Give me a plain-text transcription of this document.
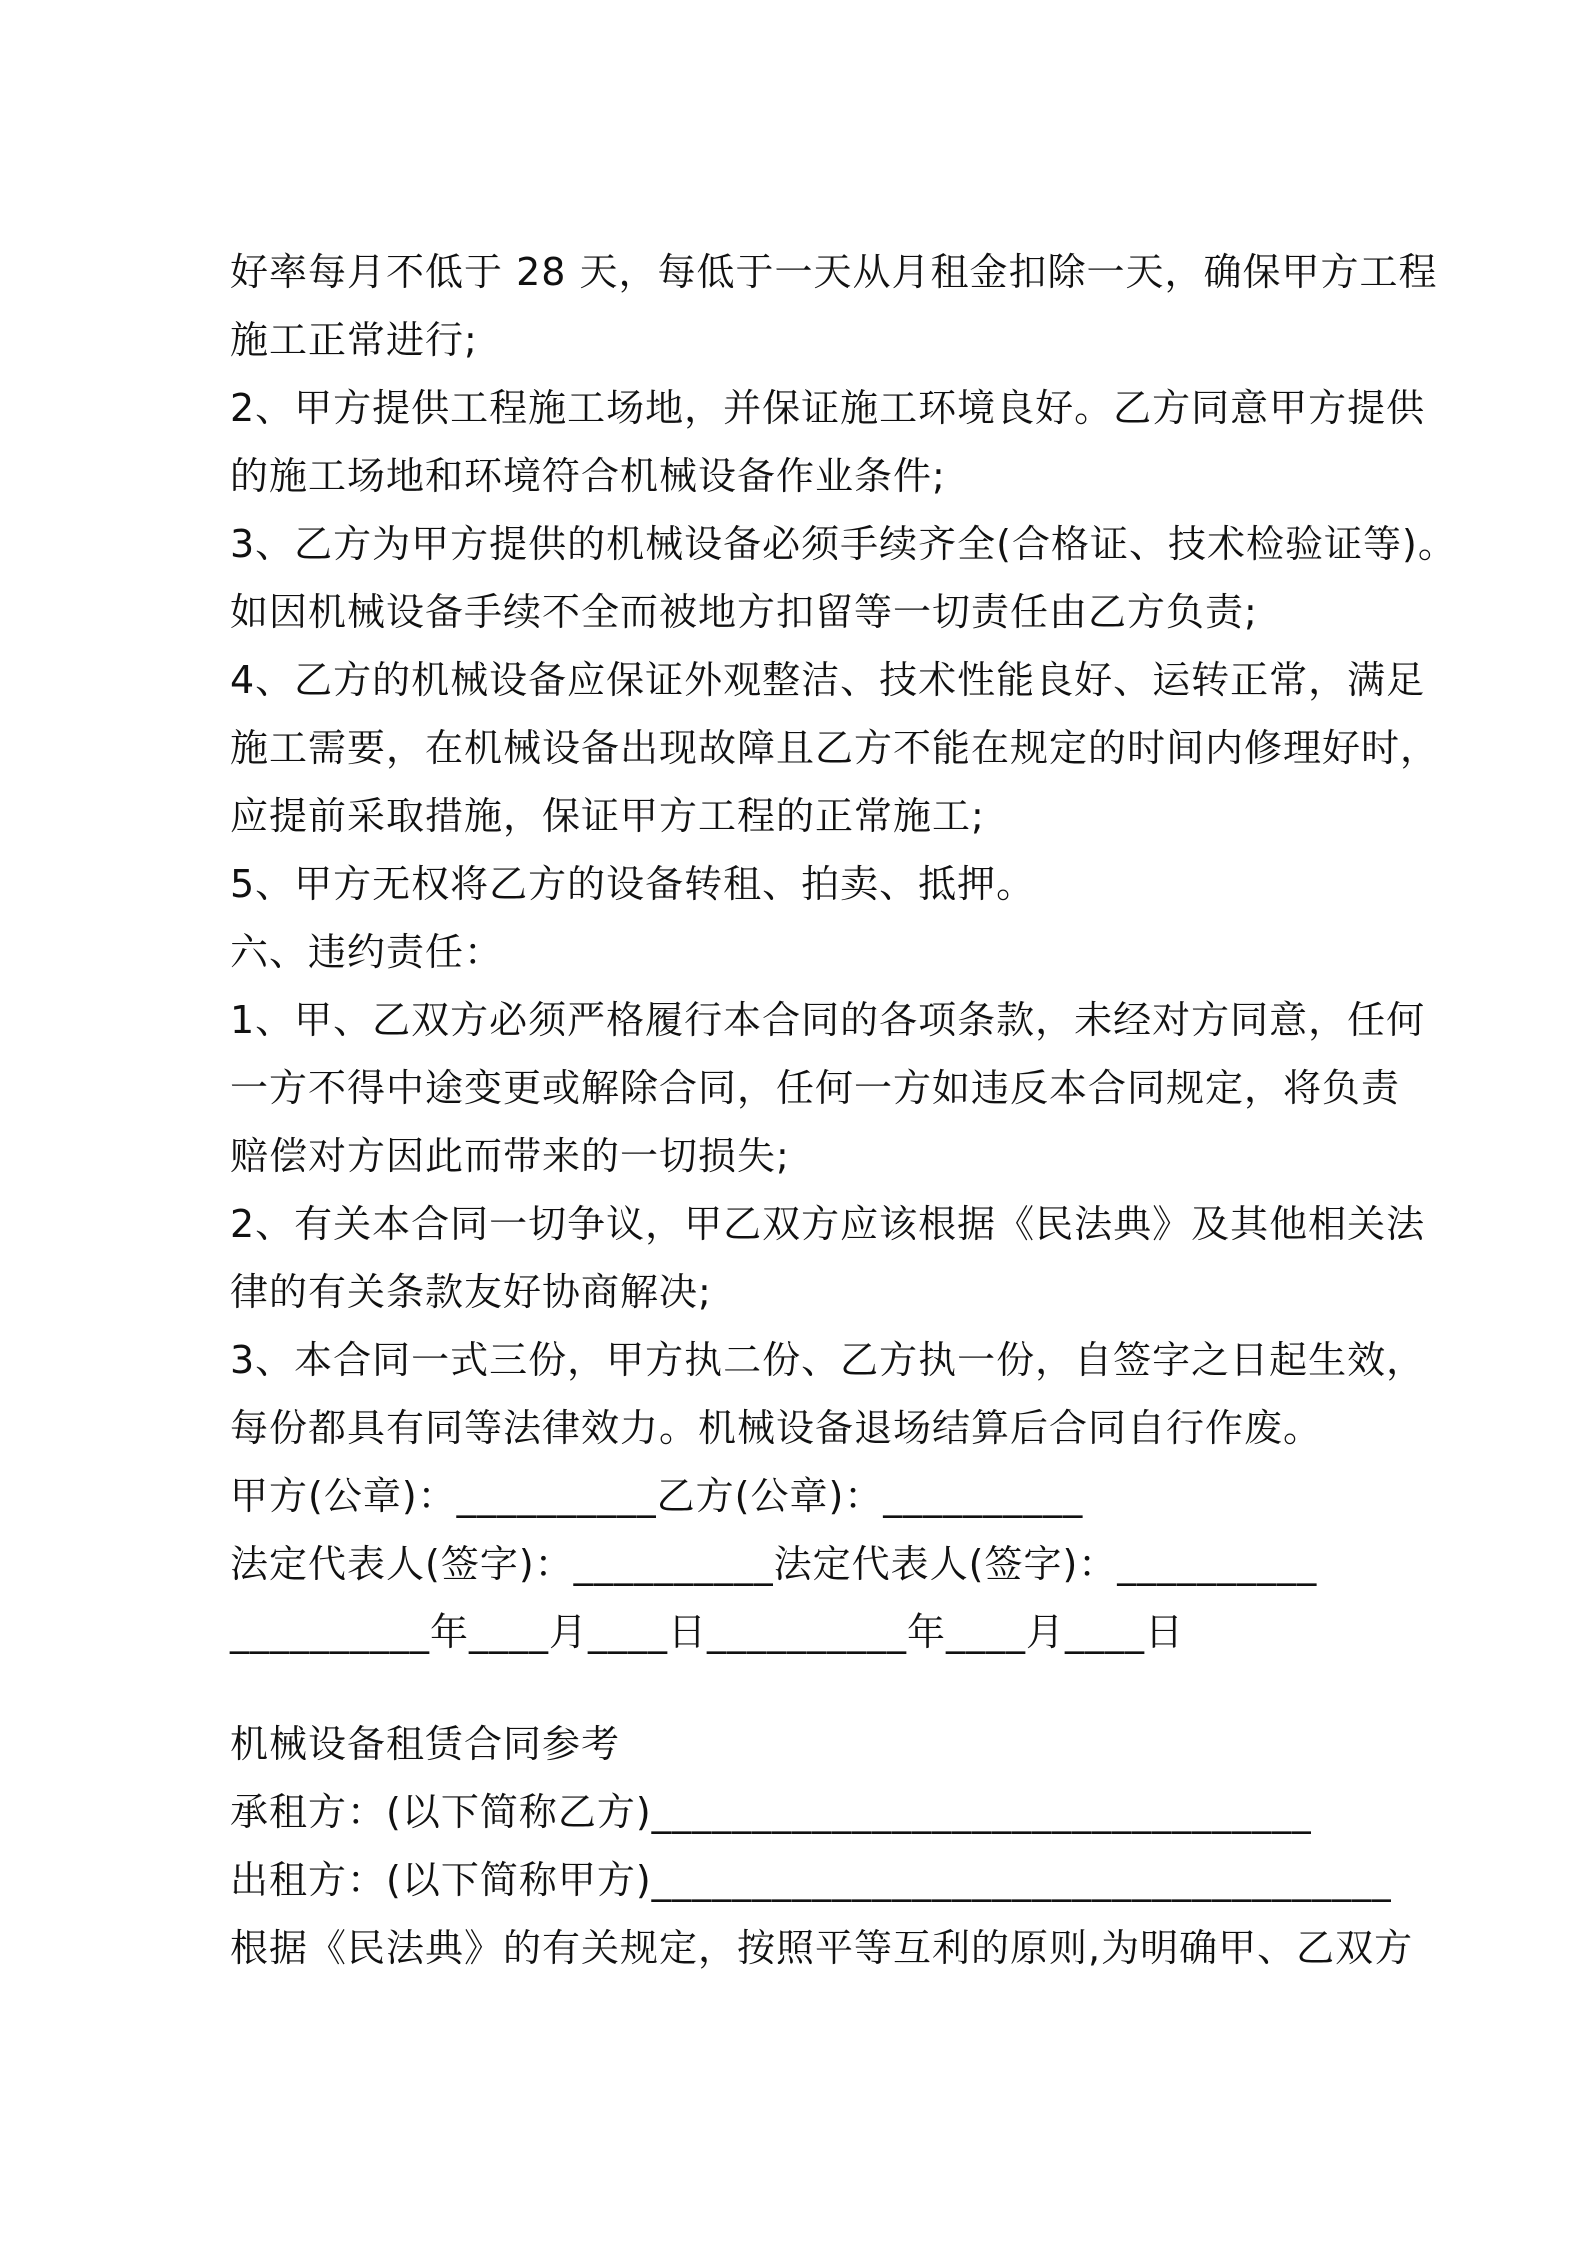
好率每月不低于 28 天，每低于一天从月租金扣除一天，确保甲方工程
施工正常进行;
2、甲方提供工程施工场地，并保证施工环境良好。乙方同意甲方提供
的施工场地和环境符合机械设备作业条件;
3、乙方为甲方提供的机械设备必须手续齐全(合格证、技术检验证等)。
如因机械设备手续不全而被地方扣留等一切责任由乙方负责;
4、乙方的机械设备应保证外观整洁、技术性能良好、运转正常，满足
施工需要，在机械设备出现故障且乙方不能在规定的时间内修理好时，
应提前采取措施，保证甲方工程的正常施工;
5、甲方无权将乙方的设备转租、拍卖、抵押。
六、违约责任：
1、甲、乙双方必须严格履行本合同的各项条款，未经对方同意，任何
一方不得中途变更或解除合同，任何一方如违反本合同规定，将负责
赔偿对方因此而带来的一切损失;
2、有关本合同一切争议，甲乙双方应该根据《民法典》及其他相关法
律的有关条款友好协商解决;
3、本合同一式三份，甲方执二份、乙方执一份，自签字之日起生效，
每份都具有同等法律效力。机械设备退场结算后合同自行作废。
甲方(公章)：__________乙方(公章)：__________
法定代表人(签字)：__________法定代表人(签字)：__________
__________年____月____日__________年____月____日
机械设备租赁合同参考
承租方：(以下简称乙方)_________________________________
出租方：(以下简称甲方)_____________________________________
根据《民法典》的有关规定，按照平等互利的原则,为明确甲、乙双方
